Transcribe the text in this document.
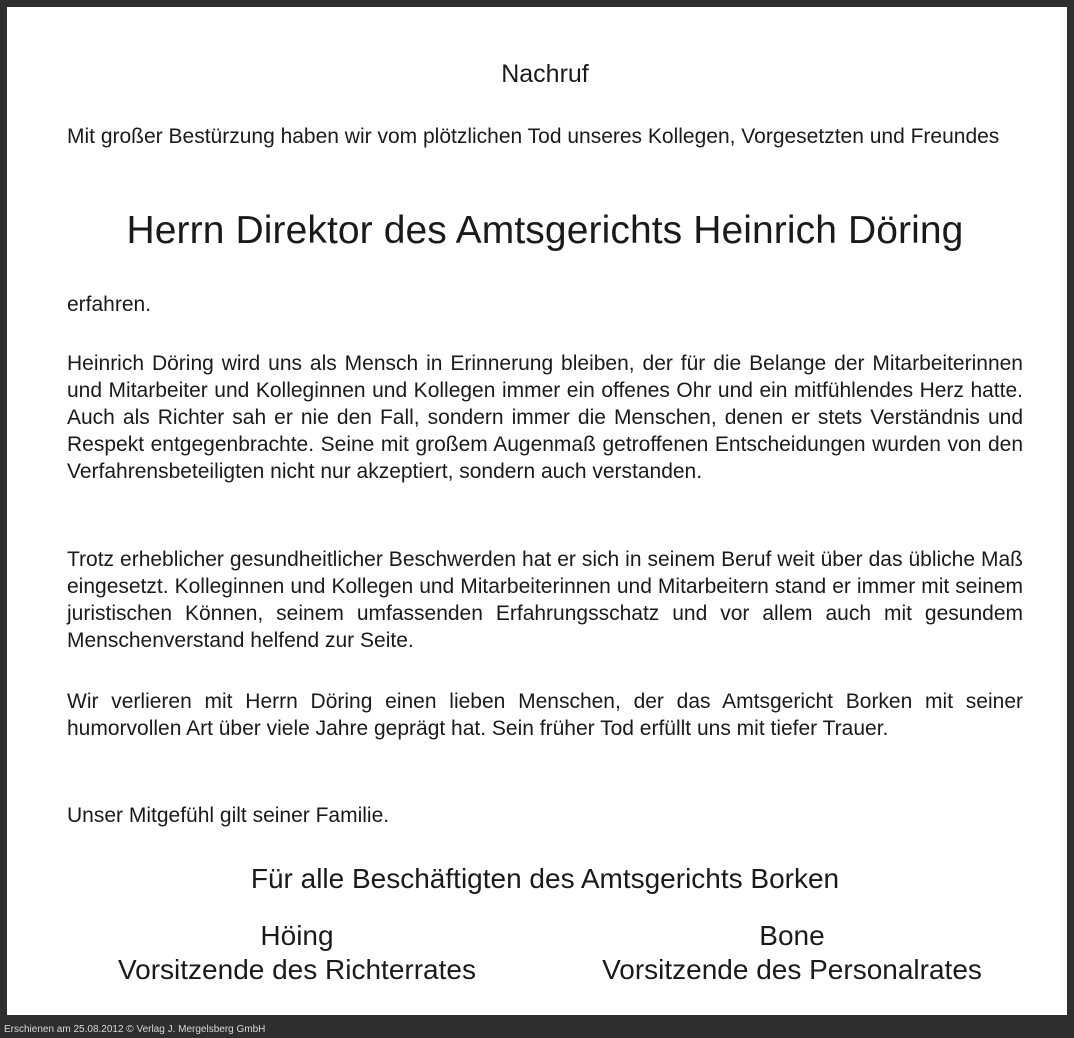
Nachruf

Mit großer Bestürzung haben wir vom plötzlichen Tod unseres Kollegen, Vorgesetzten und Freundes

Herrn Direktor des Amtsgerichts Heinrich Döring

erfahren.

Heinrich Döring wird uns als Mensch in Erinnerung bleiben, der für die Belange der Mitarbeiterinnen und Mitarbeiter und Kolleginnen und Kollegen immer ein offenes Ohr und ein mitfühlendes Herz hatte. Auch als Richter sah er nie den Fall, sondern immer die Menschen, denen er stets Verständnis und Respekt entgegenbrachte. Seine mit großem Augenmaß getroffenen Entscheidungen wurden von den Verfahrensbeteiligten nicht nur akzeptiert, sondern auch verstanden.

Trotz erheblicher gesundheitlicher Beschwerden hat er sich in seinem Beruf weit über das übliche Maß eingesetzt. Kolleginnen und Kollegen und Mitarbeiterinnen und Mitarbeitern stand er immer mit seinem juristischen Können, seinem umfassenden Erfahrungsschatz und vor allem auch mit gesundem Menschenverstand helfend zur Seite.

Wir verlieren mit Herrn Döring einen lieben Menschen, der das Amtsgericht Borken mit seiner humorvollen Art über viele Jahre geprägt hat. Sein früher Tod erfüllt uns mit tiefer Trauer.

Unser Mitgefühl gilt seiner Familie.

Für alle Beschäftigten des Amtsgerichts Borken

Höing
Vorsitzende des Richterrates
Bone
Vorsitzende des Personalrates
Erschienen am 25.08.2012 © Verlag J. Mergelsberg GmbH
